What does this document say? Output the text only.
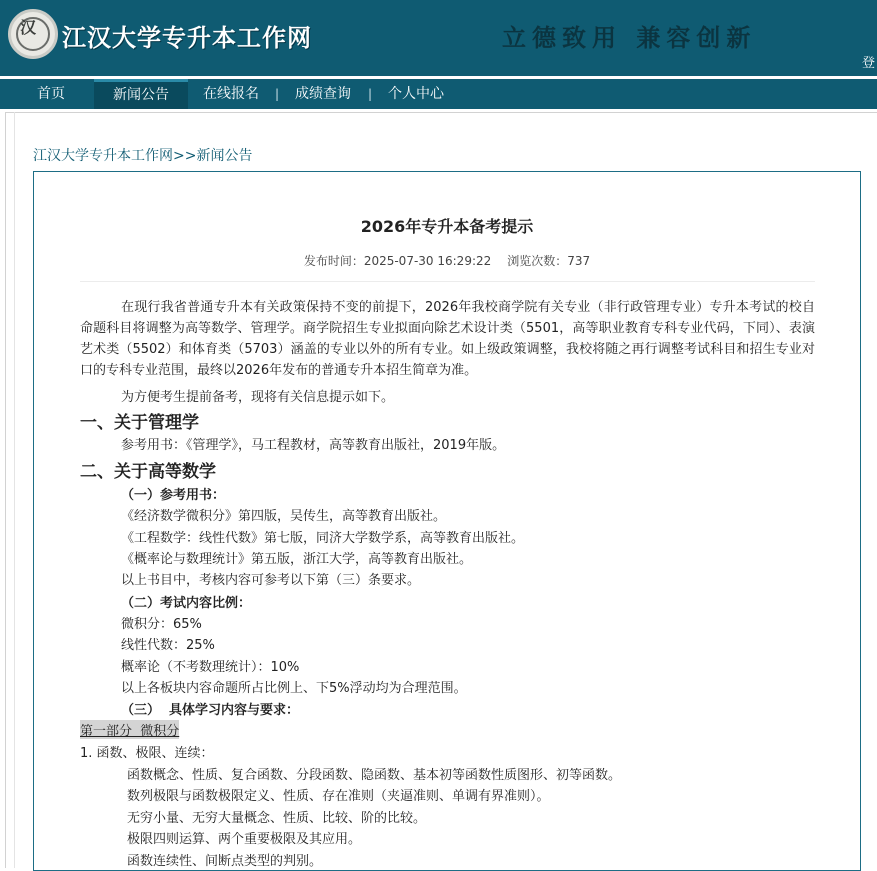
汉 江汉大学专升本工作网	立德致用 兼容创新
登
首页	新闻公告	在线报名	|	成绩查询	|	个人中心
江汉大学专升本工作网>>新闻公告
2026年专升本备考提示
发布时间：2025-07-30 16:29:22 浏览次数：737

在现行我省普通专升本有关政策保持不变的前提下，2026年我校商学院有关专业（非行政管理专业）专升本考试的校自命题科目将调整为高等数学、管理学。商学院招生专业拟面向除艺术设计类（5501，高等职业教育专科专业代码，下同）、表演艺术类（5502）和体育类（5703）涵盖的专业以外的所有专业。如上级政策调整，我校将随之再行调整考试科目和招生专业对口的专科专业范围，最终以2026年发布的普通专升本招生简章为准。

为方便考生提前备考，现将有关信息提示如下。
一、关于管理学
参考用书：《管理学》，马工程教材，高等教育出版社，2019年版。
二、关于高等数学
（一）参考用书：
《经济数学微积分》第四版，吴传生，高等教育出版社。
《工程数学：线性代数》第七版，同济大学数学系，高等教育出版社。
《概率论与数理统计》第五版，浙江大学，高等教育出版社。
以上书目中，考核内容可参考以下第（三）条要求。
（二）考试内容比例：
微积分：65%
线性代数：25%
概率论（不考数理统计）：10%
以上各板块内容命题所占比例上、下5%浮动均为合理范围。
（三）  具体学习内容与要求：
第一部分  微积分
1. 函数、极限、连续：
函数概念、性质、复合函数、分段函数、隐函数、基本初等函数性质图形、初等函数。
数列极限与函数极限定义、性质、存在准则（夹逼准则、单调有界准则）。
无穷小量、无穷大量概念、性质、比较、阶的比较。
极限四则运算、两个重要极限及其应用。
函数连续性、间断点类型的判别。
